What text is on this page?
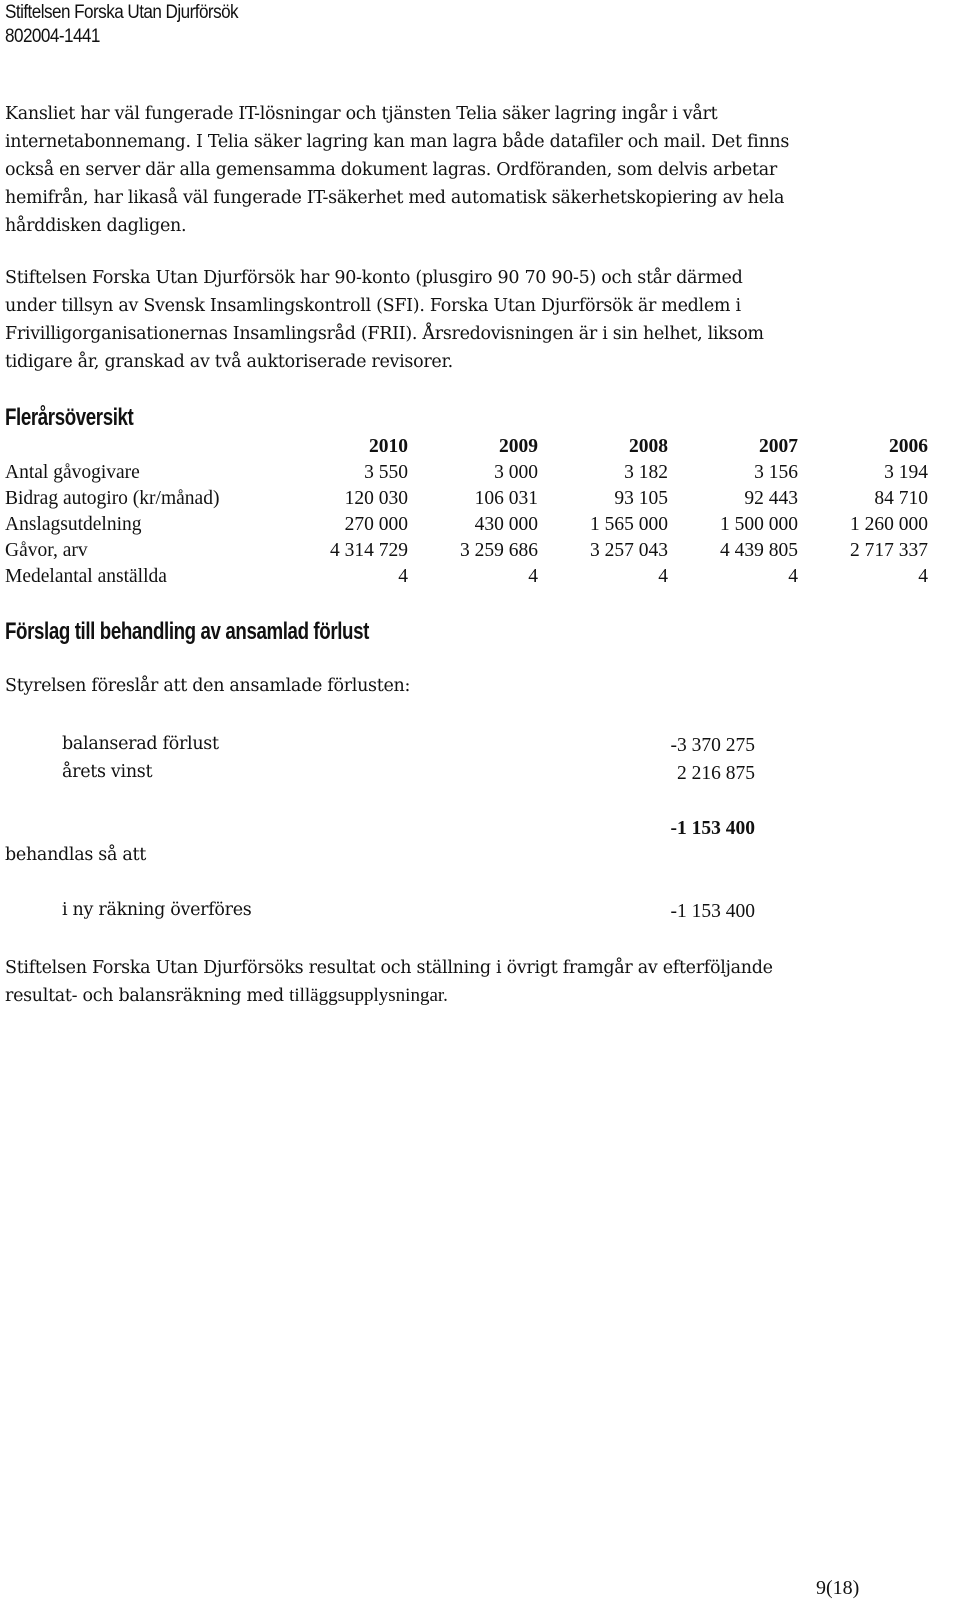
Stiftelsen Forska Utan Djurförsök
802004-1441

Kansliet har väl fungerade IT-lösningar och tjänsten Telia säker lagring ingår i vårt

internetabonnemang. I Telia säker lagring kan man lagra både datafiler och mail. Det finns

också en server där alla gemensamma dokument lagras. Ordföranden, som delvis arbetar

hemifrån, har likaså väl fungerade IT-säkerhet med automatisk säkerhetskopiering av hela

hårddisken dagligen.

Stiftelsen Forska Utan Djurförsök har 90-konto (plusgiro 90 70 90-5) och står därmed

under tillsyn av Svensk Insamlingskontroll (SFI). Forska Utan Djurförsök är medlem i

Frivilligorganisationernas Insamlingsråd (FRII). Årsredovisningen är i sin helhet, liksom

tidigare år, granskad av två auktoriserade revisorer.

Flerårsöversikt
2010	2009	2008	2007	2006
Antal gåvogivare	3 550	3 000	3 182	3 156	3 194
Bidrag autogiro (kr/månad)	120 030	106 031	93 105	92 443	84 710
Anslagsutdelning	270 000	430 000	1 565 000	1 500 000	1 260 000
Gåvor, arv	4 314 729	3 259 686	3 257 043	4 439 805	2 717 337
Medelantal anställda	4	4	4	4	4
Förslag till behandling av ansamlad förlust
Styrelsen föreslår att den ansamlade förlusten:
balanserad förlust	-3 370 275
årets vinst	2 216 875
-1 153 400
behandlas så att
i ny räkning överföres	-1 153 400

Stiftelsen Forska Utan Djurförsöks resultat och ställning i övrigt framgår av efterföljande

resultat- och balansräkning med tilläggsupplysningar.

9(18)
